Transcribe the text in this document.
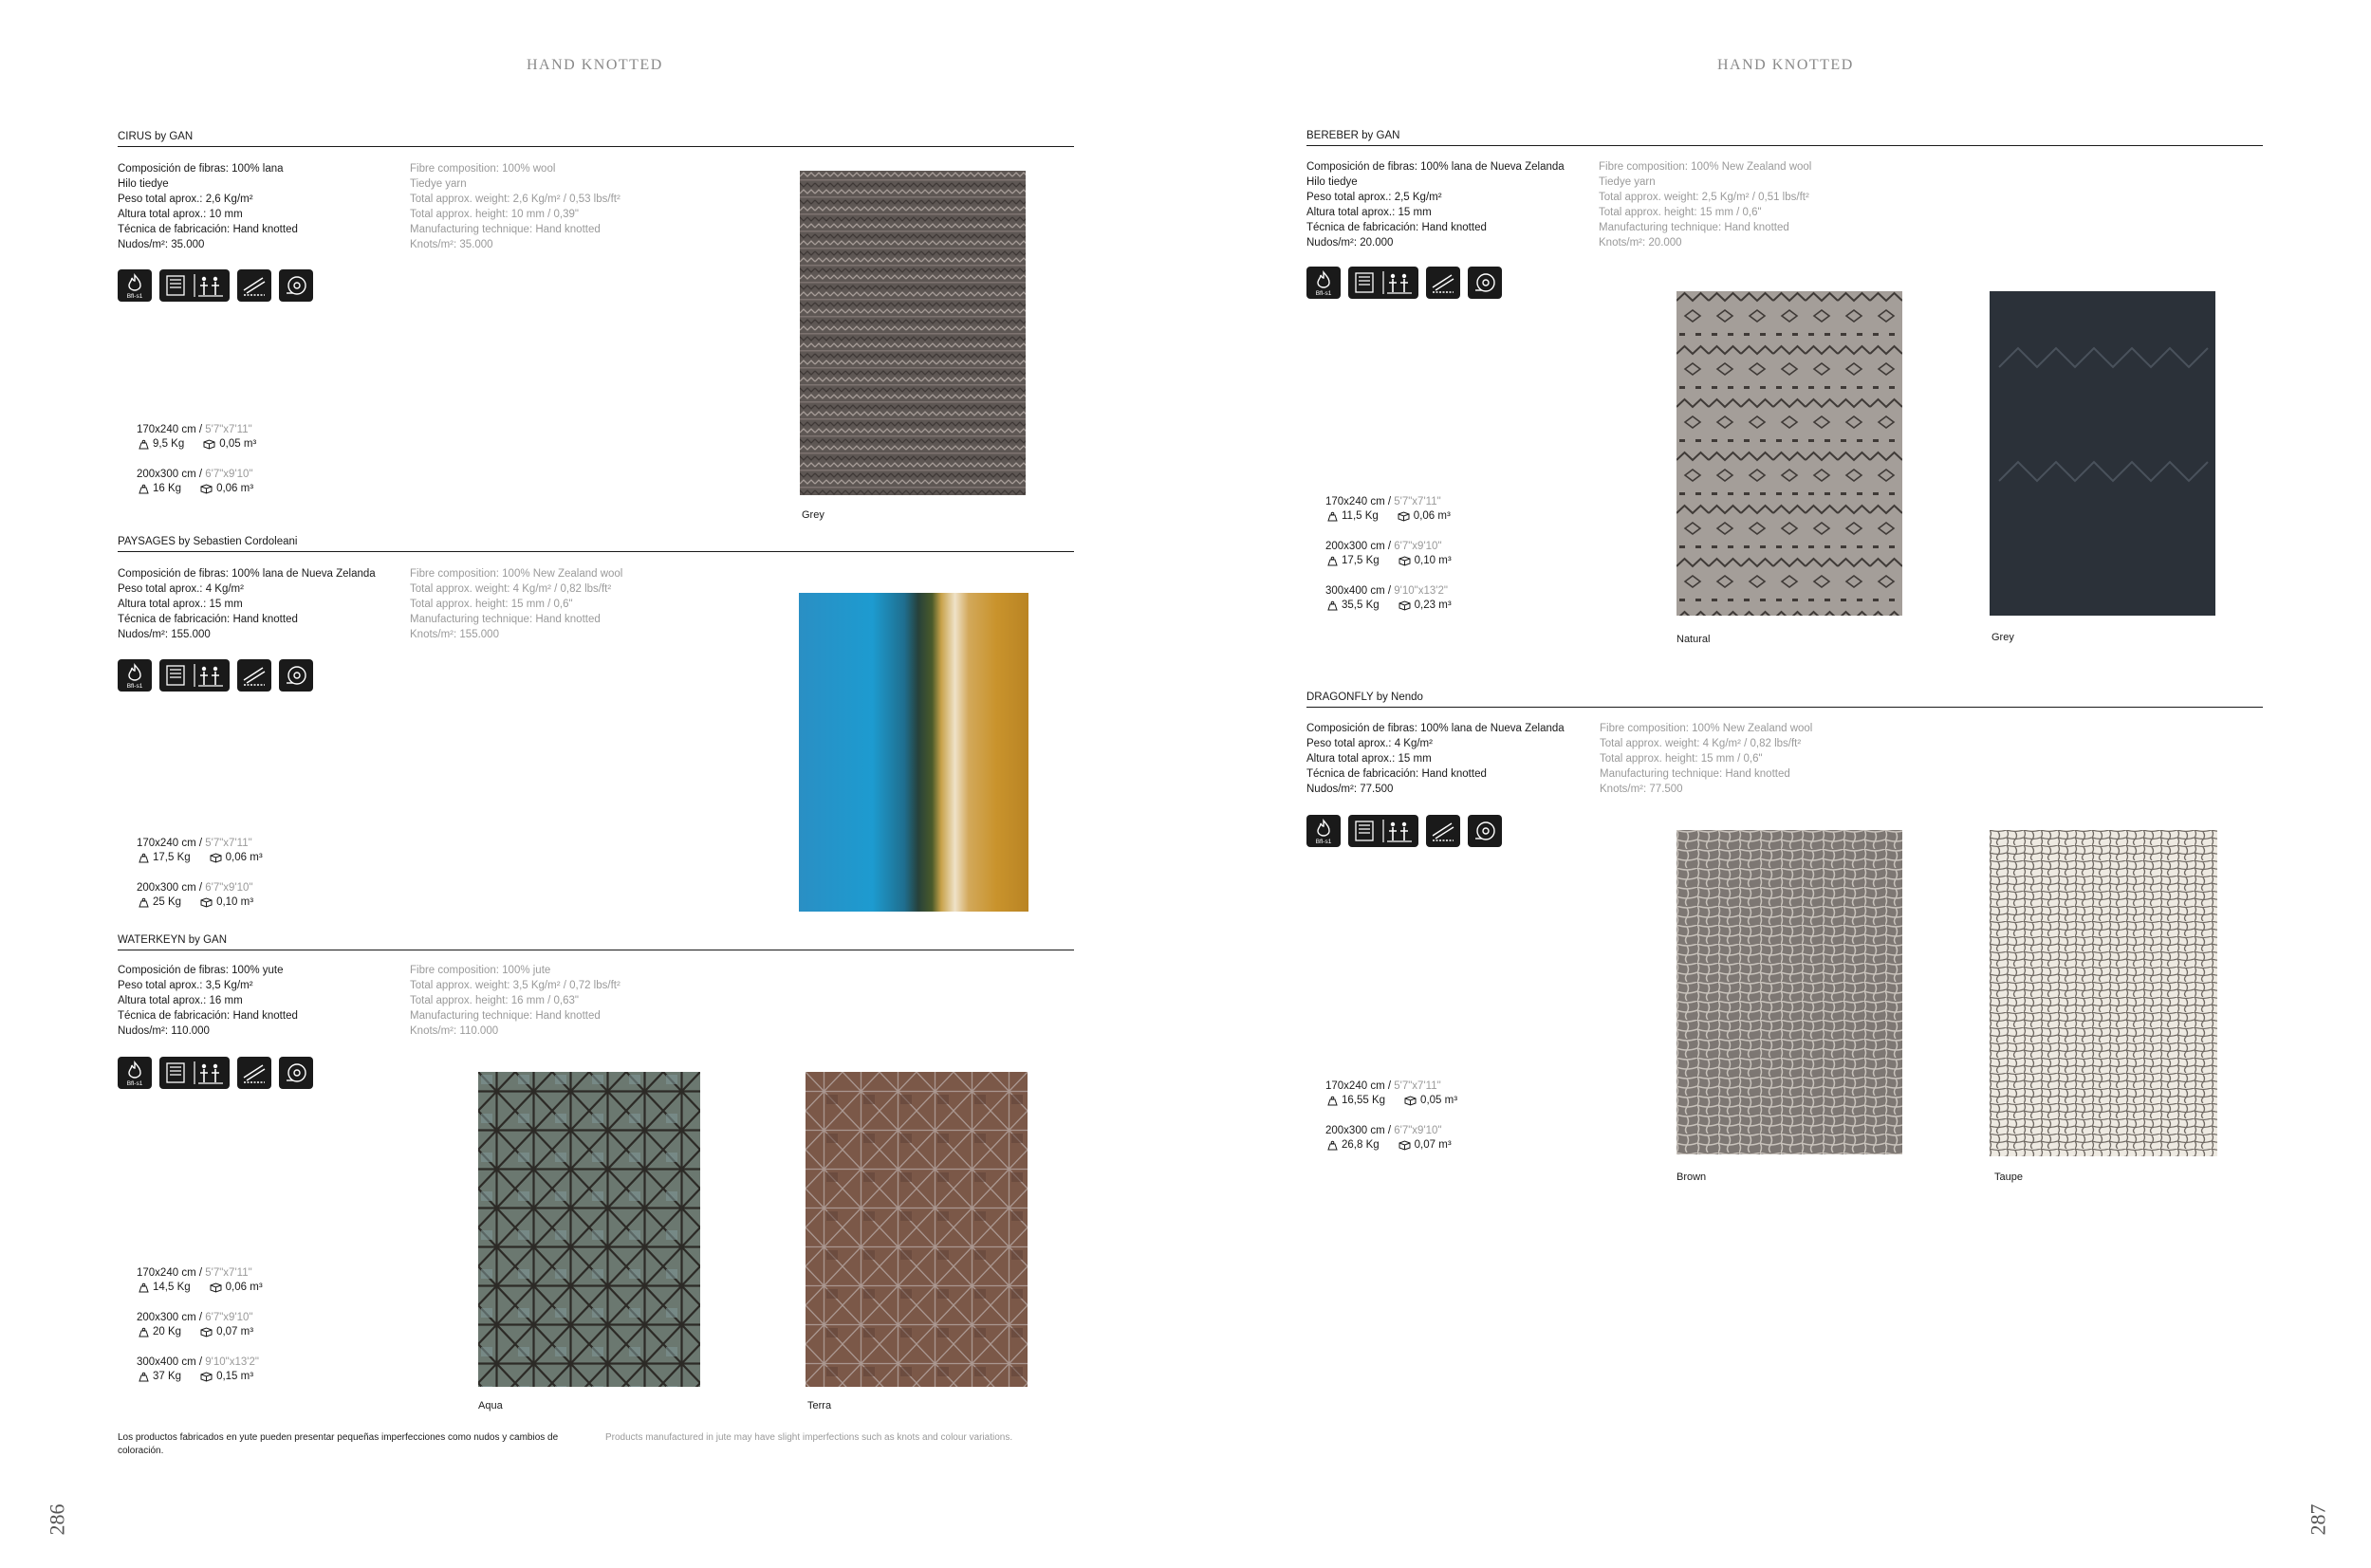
HAND KNOTTED
CIRUS by GAN
Composición de fibras: 100% lana
Hilo tiedye
Peso total aprox.: 2,6 Kg/m²
Altura total aprox.: 10 mm
Técnica de fabricación: Hand knotted
Nudos/m²: 35.000
Fibre composition: 100% wool
Tiedye yarn
Total approx. weight: 2,6 Kg/m² / 0,53 lbs/ft²
Total approx. height: 10 mm / 0,39"
Manufacturing technique: Hand knotted
Knots/m²: 35.000
Bfl-s1
170x240 cm / 5'7"x7'11"
9,5 Kg	0,05 m³
200x300 cm / 6'7"x9'10"
16 Kg	0,06 m³
Grey
PAYSAGES by Sebastien Cordoleani
Composición de fibras: 100% lana de Nueva Zelanda
Peso total aprox.: 4 Kg/m²
Altura total aprox.: 15 mm
Técnica de fabricación: Hand knotted
Nudos/m²: 155.000
Fibre composition: 100% New Zealand wool
Total approx. weight: 4 Kg/m² / 0,82 lbs/ft²
Total approx. height: 15 mm / 0,6"
Manufacturing technique: Hand knotted
Knots/m²: 155.000
Bfl-s1
170x240 cm / 5'7"x7'11"
17,5 Kg	0,06 m³
200x300 cm / 6'7"x9'10"
25 Kg	0,10 m³
WATERKEYN by GAN
Composición de fibras: 100% yute
Peso total aprox.: 3,5 Kg/m²
Altura total aprox.: 16 mm
Técnica de fabricación: Hand knotted
Nudos/m²: 110.000
Fibre composition: 100% jute
Total approx. weight: 3,5 Kg/m² / 0,72 lbs/ft²
Total approx. height: 16 mm / 0,63"
Manufacturing technique: Hand knotted
Knots/m²: 110.000
Bfl-s1
170x240 cm / 5'7"x7'11"
14,5 Kg	0,06 m³
200x300 cm / 6'7"x9'10"
20 Kg	0,07 m³
300x400 cm / 9'10"x13'2"
37 Kg	0,15 m³
Aqua	Terra
Los productos fabricados en yute pueden presentar pequeñas imperfecciones como nudos y cambios de coloración.
Products manufactured in jute may have slight imperfections such as knots and colour variations.
286
HAND KNOTTED
BEREBER by GAN
Composición de fibras: 100% lana de Nueva Zelanda
Hilo tiedye
Peso total aprox.: 2,5 Kg/m²
Altura total aprox.: 15 mm
Técnica de fabricación: Hand knotted
Nudos/m²: 20.000
Fibre composition: 100% New Zealand wool
Tiedye yarn
Total approx. weight: 2,5 Kg/m² / 0,51 lbs/ft²
Total approx. height: 15 mm / 0,6"
Manufacturing technique: Hand knotted
Knots/m²: 20.000
Bfl-s1
170x240 cm / 5'7"x7'11"
11,5 Kg	0,06 m³
200x300 cm / 6'7"x9'10"
17,5 Kg	0,10 m³
300x400 cm / 9'10"x13'2"
35,5 Kg	0,23 m³
Natural	Grey
DRAGONFLY by Nendo
Composición de fibras: 100% lana de Nueva Zelanda
Peso total aprox.: 4 Kg/m²
Altura total aprox.: 15 mm
Técnica de fabricación: Hand knotted
Nudos/m²: 77.500
Fibre composition: 100% New Zealand wool
Total approx. weight: 4 Kg/m² / 0,82 lbs/ft²
Total approx. height: 15 mm / 0,6"
Manufacturing technique: Hand knotted
Knots/m²: 77.500
Bfl-s1
170x240 cm / 5'7"x7'11"
16,55 Kg	0,05 m³
200x300 cm / 6'7"x9'10"
26,8 Kg	0,07 m³
Brown	Taupe
287
